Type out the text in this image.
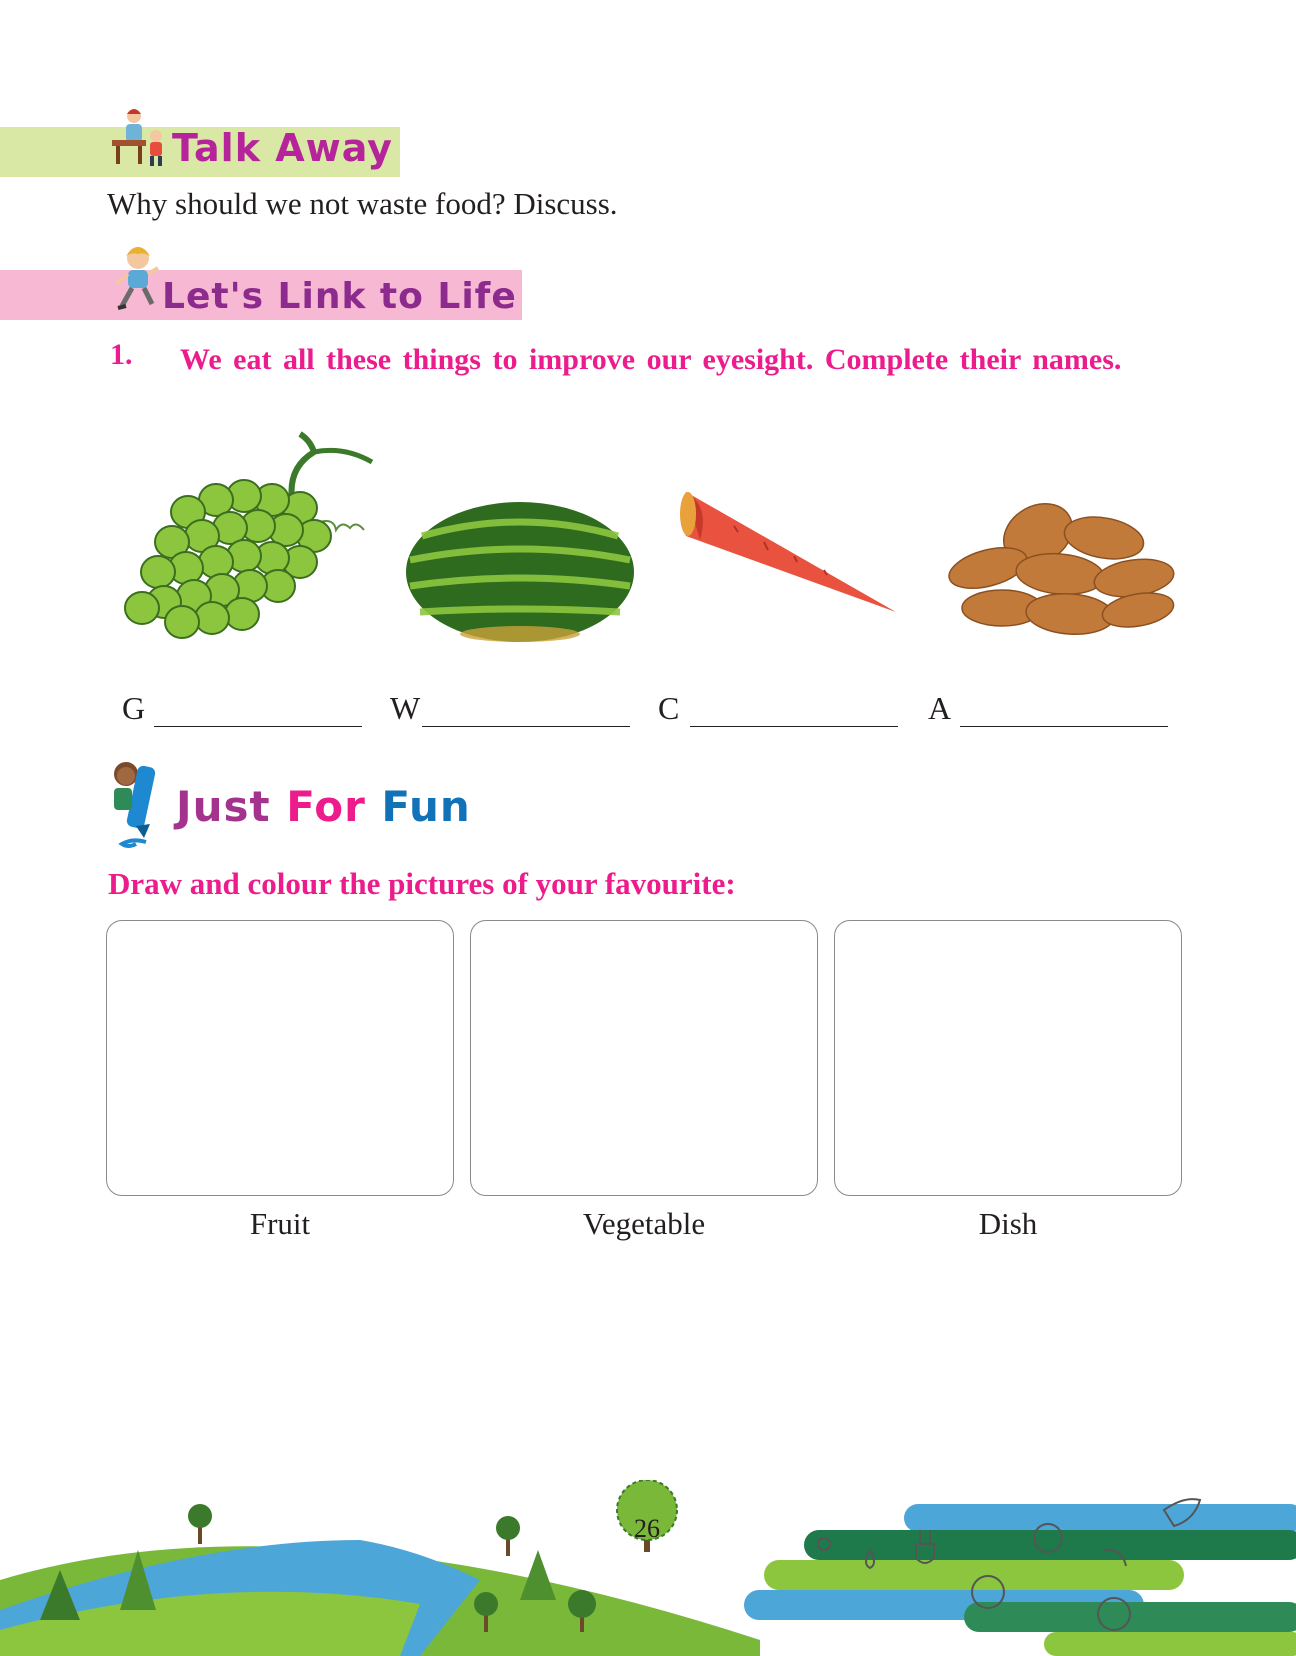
Talk Away
Why should we not waste food? Discuss.
Let's Link to Life
1. We eat all these things to improve our eyesight. Complete their names.
G	W	C	A
Just For Fun
Draw and colour the pictures of your favourite:
Fruit	Vegetable	Dish
26
